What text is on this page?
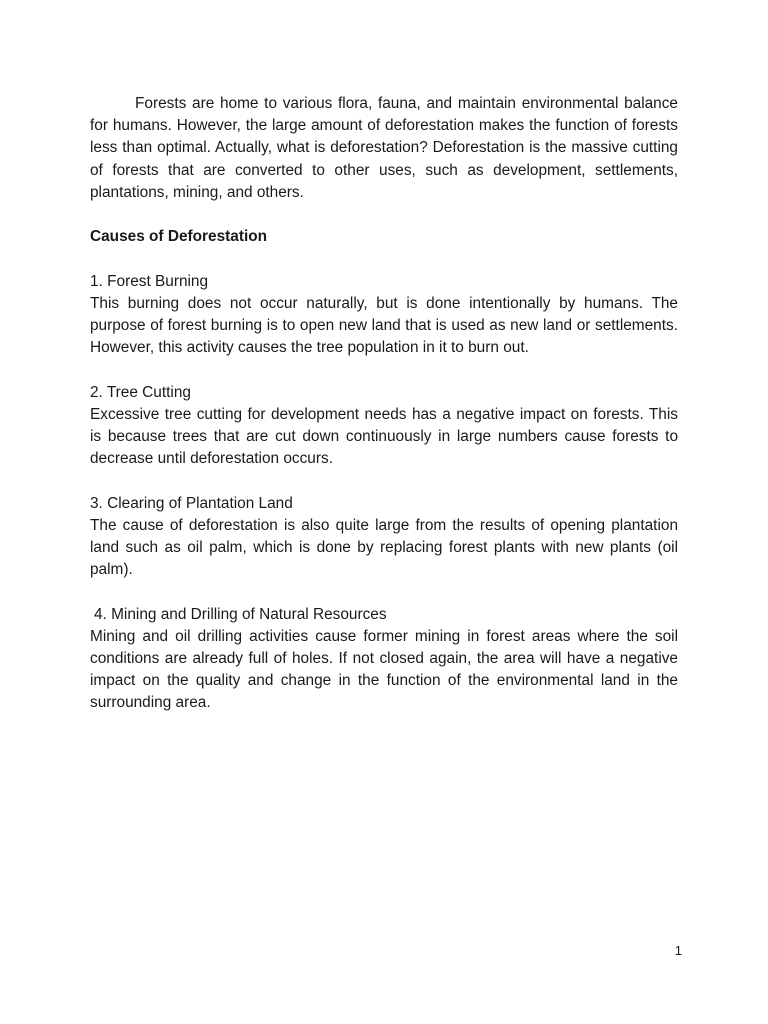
Forests are home to various flora, fauna, and maintain environmental balance for humans. However, the large amount of deforestation makes the function of forests less than optimal. Actually, what is deforestation? Deforestation is the massive cutting of forests that are converted to other uses, such as development, settlements, plantations, mining, and others.

Causes of Deforestation

1. Forest Burning

This burning does not occur naturally, but is done intentionally by humans. The purpose of forest burning is to open new land that is used as new land or settlements. However, this activity causes the tree population in it to burn out.

2. Tree Cutting

Excessive tree cutting for development needs has a negative impact on forests. This is because trees that are cut down continuously in large numbers cause forests to decrease until deforestation occurs.

3. Clearing of Plantation Land

The cause of deforestation is also quite large from the results of opening plantation land such as oil palm, which is done by replacing forest plants with new plants (oil palm).

4. Mining and Drilling of Natural Resources

Mining and oil drilling activities cause former mining in forest areas where the soil conditions are already full of holes. If not closed again, the area will have a negative impact on the quality and change in the function of the environmental land in the surrounding area.

1
